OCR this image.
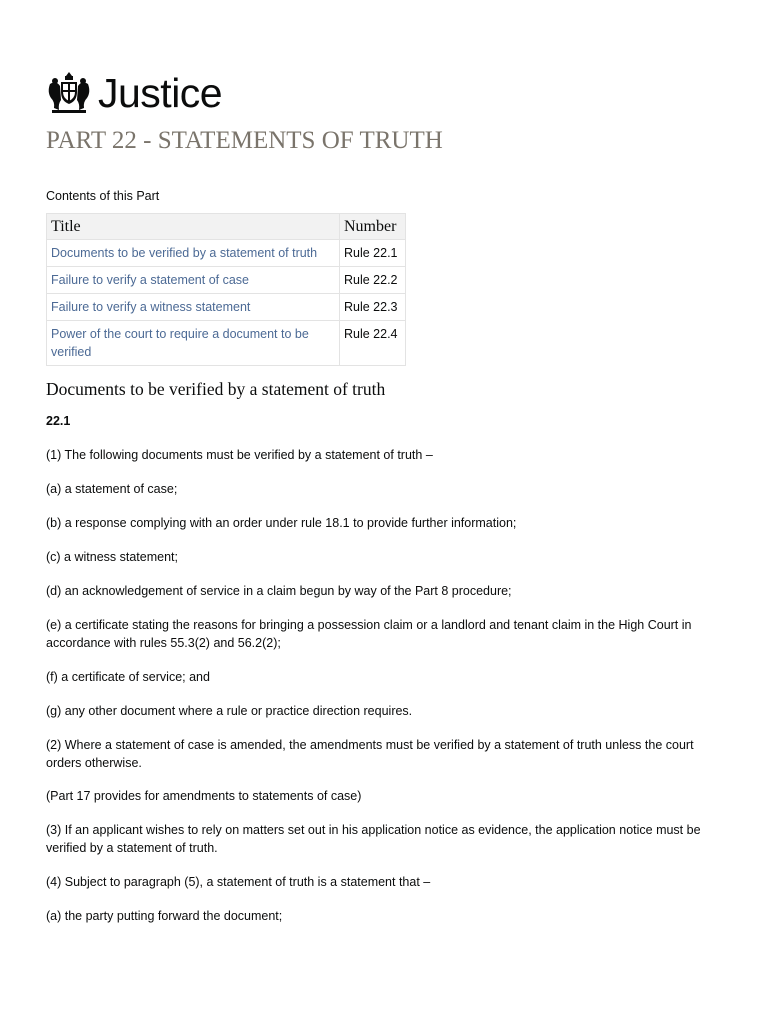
Justice
PART 22 - STATEMENTS OF TRUTH
Contents of this Part
Title	Number
Documents to be verified by a statement of truth	Rule 22.1
Failure to verify a statement of case	Rule 22.2
Failure to verify a witness statement	Rule 22.3
Power of the court to require a document to be verified	Rule 22.4
Documents to be verified by a statement of truth
22.1

(1) The following documents must be verified by a statement of truth –

(a) a statement of case;

(b) a response complying with an order under rule 18.1 to provide further information;

(c) a witness statement;

(d) an acknowledgement of service in a claim begun by way of the Part 8 procedure;

(e) a certificate stating the reasons for bringing a possession claim or a landlord and tenant claim in the High Court in accordance with rules 55.3(2) and 56.2(2);

(f) a certificate of service; and

(g) any other document where a rule or practice direction requires.

(2) Where a statement of case is amended, the amendments must be verified by a statement of truth unless the court orders otherwise.

(Part 17 provides for amendments to statements of case)

(3) If an applicant wishes to rely on matters set out in his application notice as evidence, the application notice must be verified by a statement of truth.

(4) Subject to paragraph (5), a statement of truth is a statement that –

(a) the party putting forward the document;
